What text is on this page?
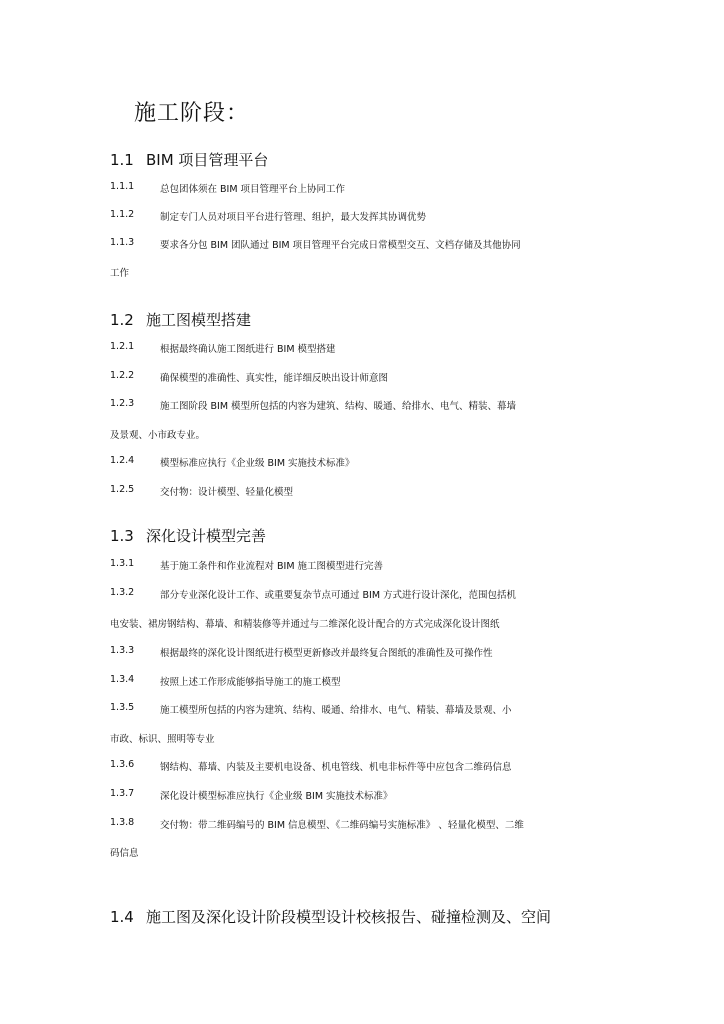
施工阶段：
1.1 BIM 项目管理平台
1.1.1	总包团体须在 BIM 项目管理平台上协同工作
1.1.2	制定专门人员对项目平台进行管理、组护，最大发挥其协调优势
1.1.3	要求各分包 BIM 团队通过 BIM 项目管理平台完成日常模型交互、文档存储及其他协同
工作
1.2 施工图模型搭建
1.2.1	根据最终确认施工图纸进行 BIM 模型搭建
1.2.2	确保模型的准确性、真实性，能详细反映出设计师意图
1.2.3	施工图阶段 BIM 模型所包括的内容为建筑、结构、暖通、给排水、电气、精装、幕墙
及景观、小市政专业。
1.2.4	模型标准应执行《企业级 BIM 实施技术标准》
1.2.5	交付物：设计模型、轻量化模型
1.3 深化设计模型完善
1.3.1	基于施工条件和作业流程对 BIM 施工图模型进行完善
1.3.2	部分专业深化设计工作、或重要复杂节点可通过 BIM 方式进行设计深化，范围包括机
电安装、裙房钢结构、幕墙、和精装修等并通过与二维深化设计配合的方式完成深化设计图纸
1.3.3	根据最终的深化设计图纸进行模型更新修改并最终复合图纸的准确性及可操作性
1.3.4	按照上述工作形成能够指导施工的施工模型
1.3.5	施工模型所包括的内容为建筑、结构、暖通、给排水、电气、精装、幕墙及景观、小
市政、标识、照明等专业
1.3.6	钢结构、幕墙、内装及主要机电设备、机电管线、机电非标件等中应包含二维码信息
1.3.7	深化设计模型标准应执行《企业级 BIM 实施技术标准》
1.3.8	交付物：带二维码编号的 BIM 信息模型、《二维码编号实施标准》 、轻量化模型、二维
码信息
1.4 施工图及深化设计阶段模型设计校核报告、碰撞检测及、空间
